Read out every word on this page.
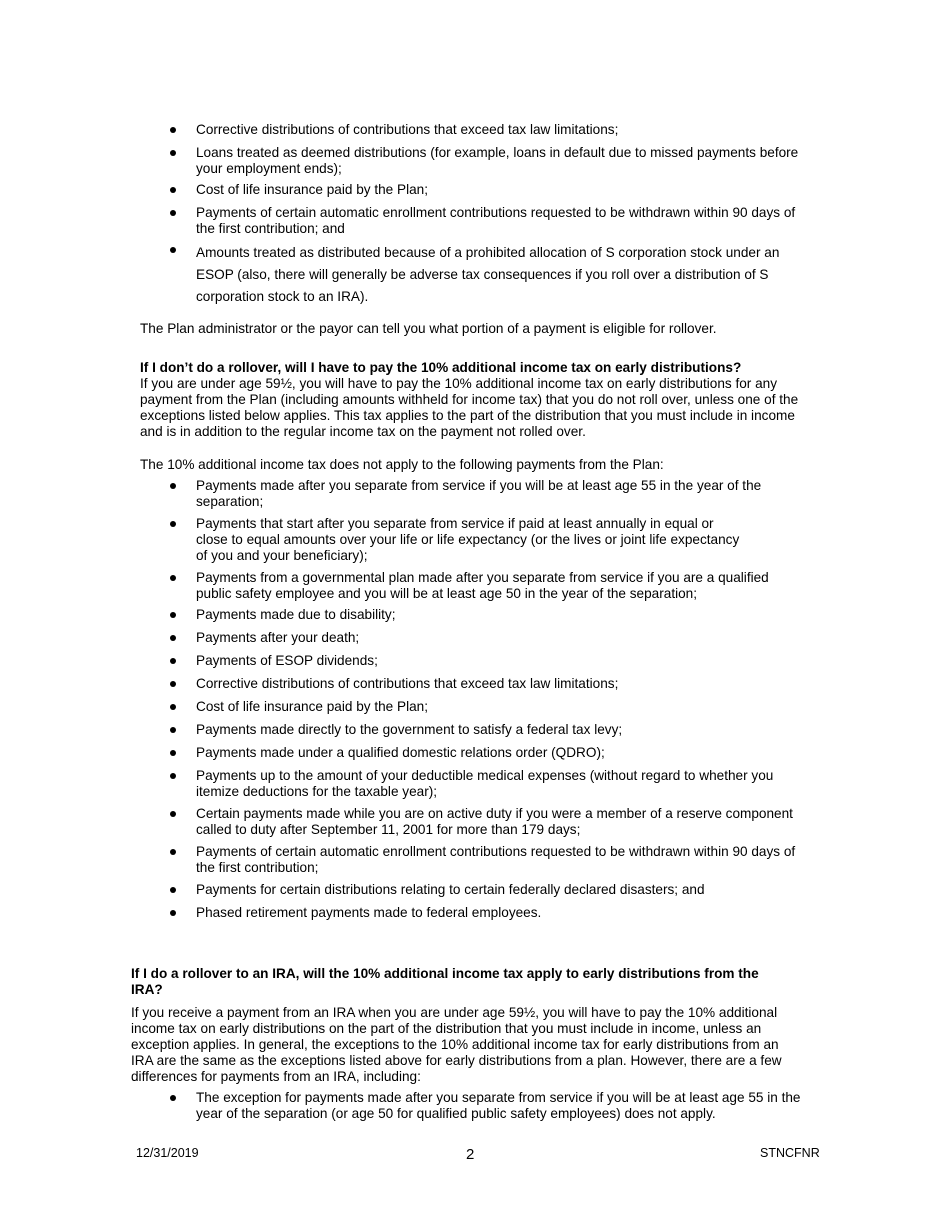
Corrective distributions of contributions that exceed tax law limitations;
Loans treated as deemed distributions (for example, loans in default due to missed payments before your employment ends);
Cost of life insurance paid by the Plan;
Payments of certain automatic enrollment contributions requested to be withdrawn within 90 days of the first contribution; and
Amounts treated as distributed because of a prohibited allocation of S corporation stock under an ESOP (also, there will generally be adverse tax consequences if you roll over a distribution of S corporation stock to an IRA).

The Plan administrator or the payor can tell you what portion of a payment is eligible for rollover.

If I don’t do a rollover, will I have to pay the 10% additional income tax on early distributions?

If you are under age 59½, you will have to pay the 10% additional income tax on early distributions for any payment from the Plan (including amounts withheld for income tax) that you do not roll over, unless one of the exceptions listed below applies. This tax applies to the part of the distribution that you must include in income and is in addition to the regular income tax on the payment not rolled over.

The 10% additional income tax does not apply to the following payments from the Plan:

Payments made after you separate from service if you will be at least age 55 in the year of the separation;
Payments that start after you separate from service if paid at least annually in equal or close to equal amounts over your life or life expectancy (or the lives or joint life expectancy of you and your beneficiary);
Payments from a governmental plan made after you separate from service if you are a qualified public safety employee and you will be at least age 50 in the year of the separation;
Payments made due to disability;
Payments after your death;
Payments of ESOP dividends;
Corrective distributions of contributions that exceed tax law limitations;
Cost of life insurance paid by the Plan;
Payments made directly to the government to satisfy a federal tax levy;
Payments made under a qualified domestic relations order (QDRO);
Payments up to the amount of your deductible medical expenses (without regard to whether you itemize deductions for the taxable year);
Certain payments made while you are on active duty if you were a member of a reserve component called to duty after September 11, 2001 for more than 179 days;
Payments of certain automatic enrollment contributions requested to be withdrawn within 90 days of the first contribution;
Payments for certain distributions relating to certain federally declared disasters; and
Phased retirement payments made to federal employees.

If I do a rollover to an IRA, will the 10% additional income tax apply to early distributions from the IRA?

If you receive a payment from an IRA when you are under age 59½, you will have to pay the 10% additional income tax on early distributions on the part of the distribution that you must include in income, unless an exception applies. In general, the exceptions to the 10% additional income tax for early distributions from an IRA are the same as the exceptions listed above for early distributions from a plan. However, there are a few differences for payments from an IRA, including:

The exception for payments made after you separate from service if you will be at least age 55 in the year of the separation (or age 50 for qualified public safety employees) does not apply.
12/31/2019	2	STNCFNR
